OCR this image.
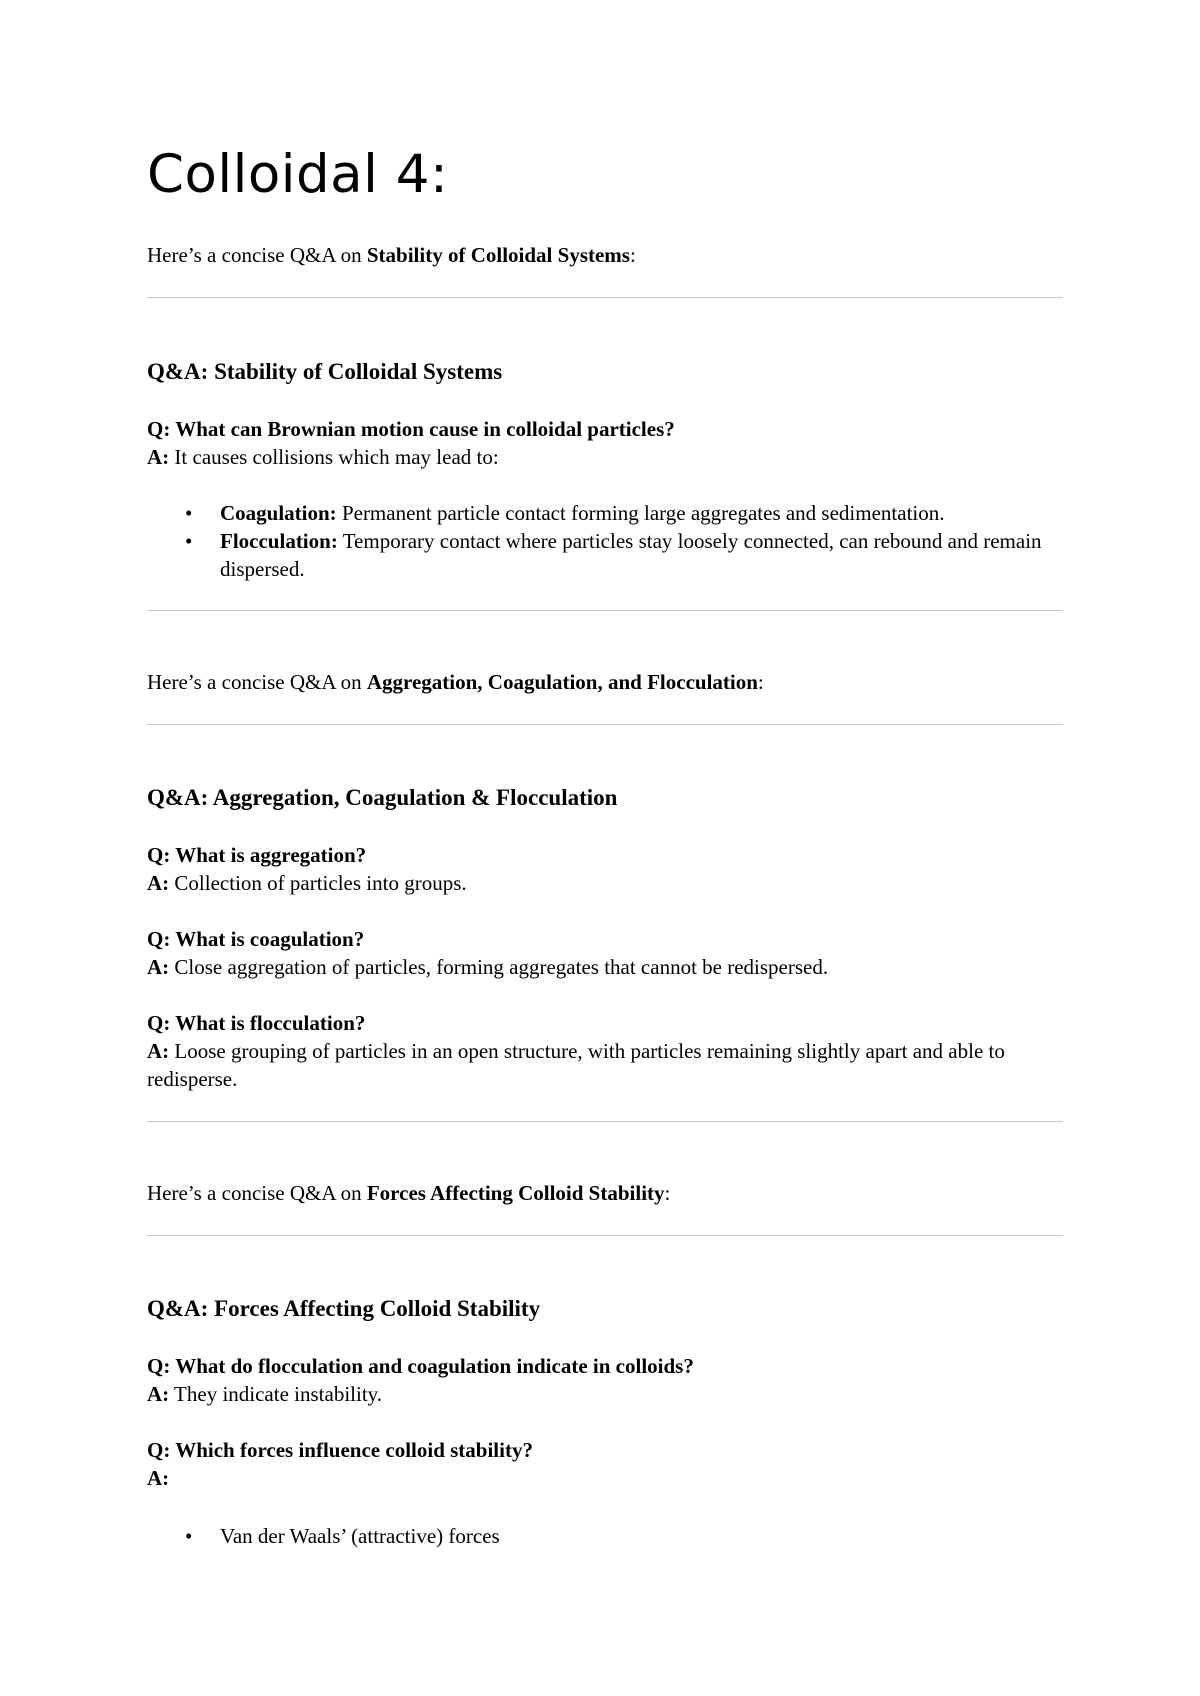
Colloidal 4:

Here’s a concise Q&A on Stability of Colloidal Systems:

Q&A: Stability of Colloidal Systems
Q: What can Brownian motion cause in colloidal particles?
A: It causes collisions which may lead to:
• Coagulation: Permanent particle contact forming large aggregates and sedimentation.
• Flocculation: Temporary contact where particles stay loosely connected, can rebound and remain dispersed.

Here’s a concise Q&A on Aggregation, Coagulation, and Flocculation:

Q&A: Aggregation, Coagulation & Flocculation
Q: What is aggregation?
A: Collection of particles into groups.
Q: What is coagulation?
A: Close aggregation of particles, forming aggregates that cannot be redispersed.
Q: What is flocculation?
A: Loose grouping of particles in an open structure, with particles remaining slightly apart and able to redisperse.

Here’s a concise Q&A on Forces Affecting Colloid Stability:

Q&A: Forces Affecting Colloid Stability
Q: What do flocculation and coagulation indicate in colloids?
A: They indicate instability.
Q: Which forces influence colloid stability?
A:
• Van der Waals’ (attractive) forces
